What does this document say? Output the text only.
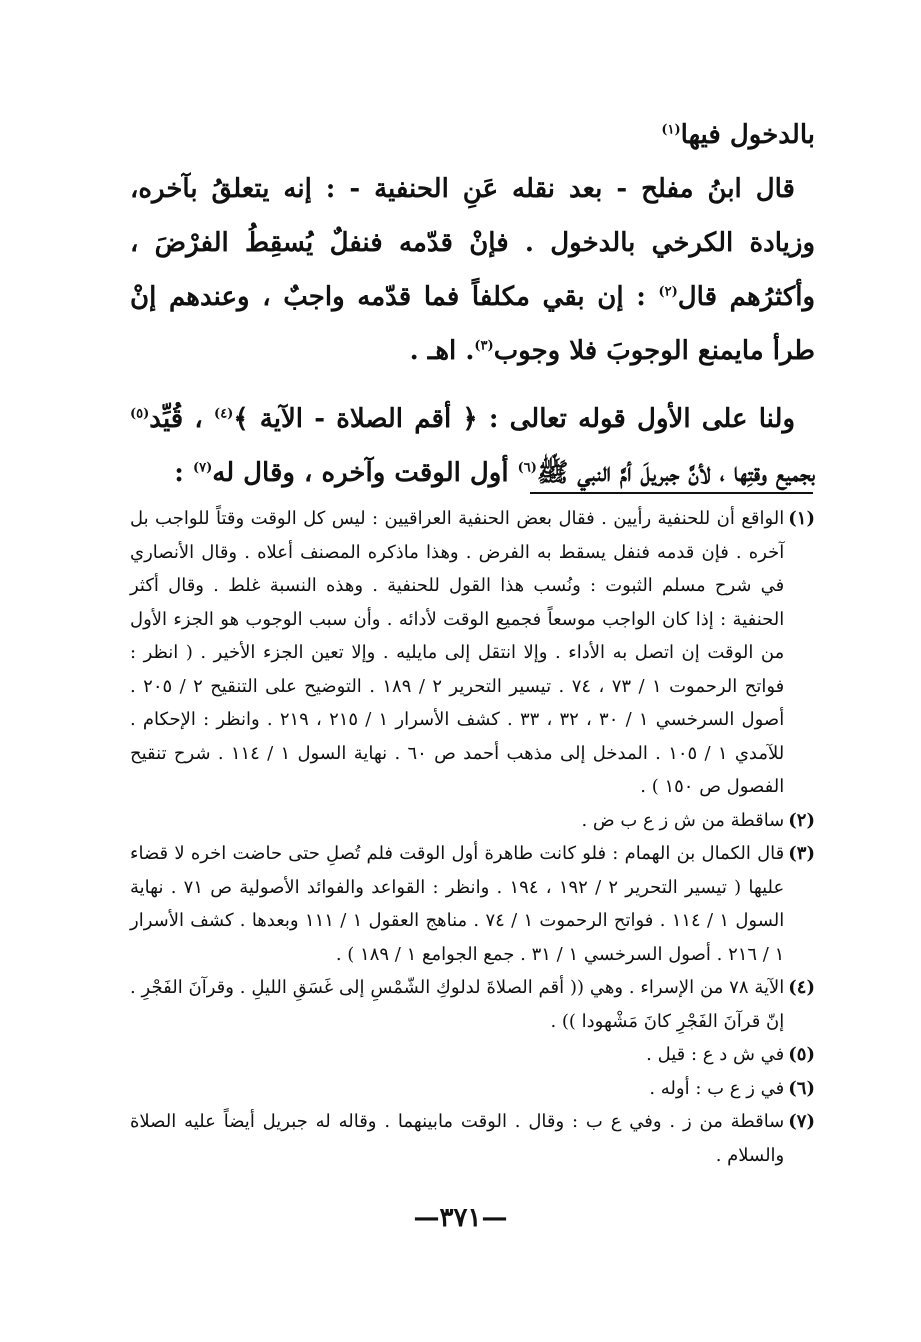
بالدخول فيها$^{(١)}$

قال ابنُ مفلح - بعد نقله عَنِ الحنفية - : إنه يتعلقُ بآخره، وزيادة الكرخي بالدخول . فإنْ قدّمه فنفلٌ يُسقِطُ الفرْضَ ، وأكثرُهم قال$^{(٢)}$ : إن بقي مكلفاً فما قدّمه واجبٌ ، وعندهم إنْ طرأ مايمنع الوجوبَ فلا وجوب$^{(٣)}$. اهـ .

ولنا على الأول قوله تعالى : ﴿ أقم الصلاة - الآية ﴾$^{(٤)}$ ، قُيِّد$^{(٥)}$ بجميع وقتِها ، لأنَّ جبريلَ أمَّ النبي ﷺ$^{(٦)}$ أول الوقت وآخره ، وقال له$^{(٧)}$ :

(١)
الواقع أن للحنفية رأيين . فقال بعض الحنفية العراقيين : ليس كل الوقت وقتاً للواجب بل آخره . فإن قدمه فنفل يسقط به الفرض . وهذا ماذكره المصنف أعلاه . وقال الأنصاري في شرح مسلم الثبوت : ونُسب هذا القول للحنفية . وهذه النسبة غلط . وقال أكثر الحنفية : إذا كان الواجب موسعاً فجميع الوقت لأدائه . وأن سبب الوجوب هو الجزء الأول من الوقت إن اتصل به الأداء . وإلا انتقل إلى مايليه . وإلا تعين الجزء الأخير . ( انظر : فواتح الرحموت ١ / ٧٣ ، ٧٤ . تيسير التحرير ٢ / ١٨٩ . التوضيح على التنقيح ٢ / ٢٠٥ . أصول السرخسي ١ / ٣٠ ، ٣٢ ، ٣٣ . كشف الأسرار ١ / ٢١٥ ، ٢١٩ . وانظر : الإحكام . للآمدي ١ / ١٠٥ . المدخل إلى مذهب أحمد ص ٦٠ . نهاية السول ١ / ١١٤ . شرح تنقيح الفصول ص ١٥٠ ) .
(٢)
ساقطة من ش ز ع ب ض .
(٣)
قال الكمال بن الهمام : فلو كانت طاهرة أول الوقت فلم تُصلِ حتى حاضت اخره لا قضاء عليها ( تيسير التحرير ٢ / ١٩٢ ، ١٩٤ . وانظر : القواعد والفوائد الأصولية ص ٧١ . نهاية السول ١ / ١١٤ . فواتح الرحموت ١ / ٧٤ . مناهج العقول ١ / ١١١ وبعدها . كشف الأسرار ١ / ٢١٦ . أصول السرخسي ١ / ٣١ . جمع الجوامع ١ / ١٨٩ ) .
(٤)
الآية ٧٨ من الإسراء . وهي (( أقم الصلاةَ لدلوكِ الشّمْسِ إلى غَسَقِ الليلِ . وقرآنَ الفَجْرِ . إنّ قرآنَ الفَجْرِ كانَ مَشْهودا )) .
(٥)
في ش د ع : قيل .
(٦)
في ز ع ب : أوله .
(٧)
ساقطة من ز . وفي ع ب : وقال . الوقت مابينهما . وقاله له جبريل أيضاً عليه الصلاة والسلام .
—٣٧١—
